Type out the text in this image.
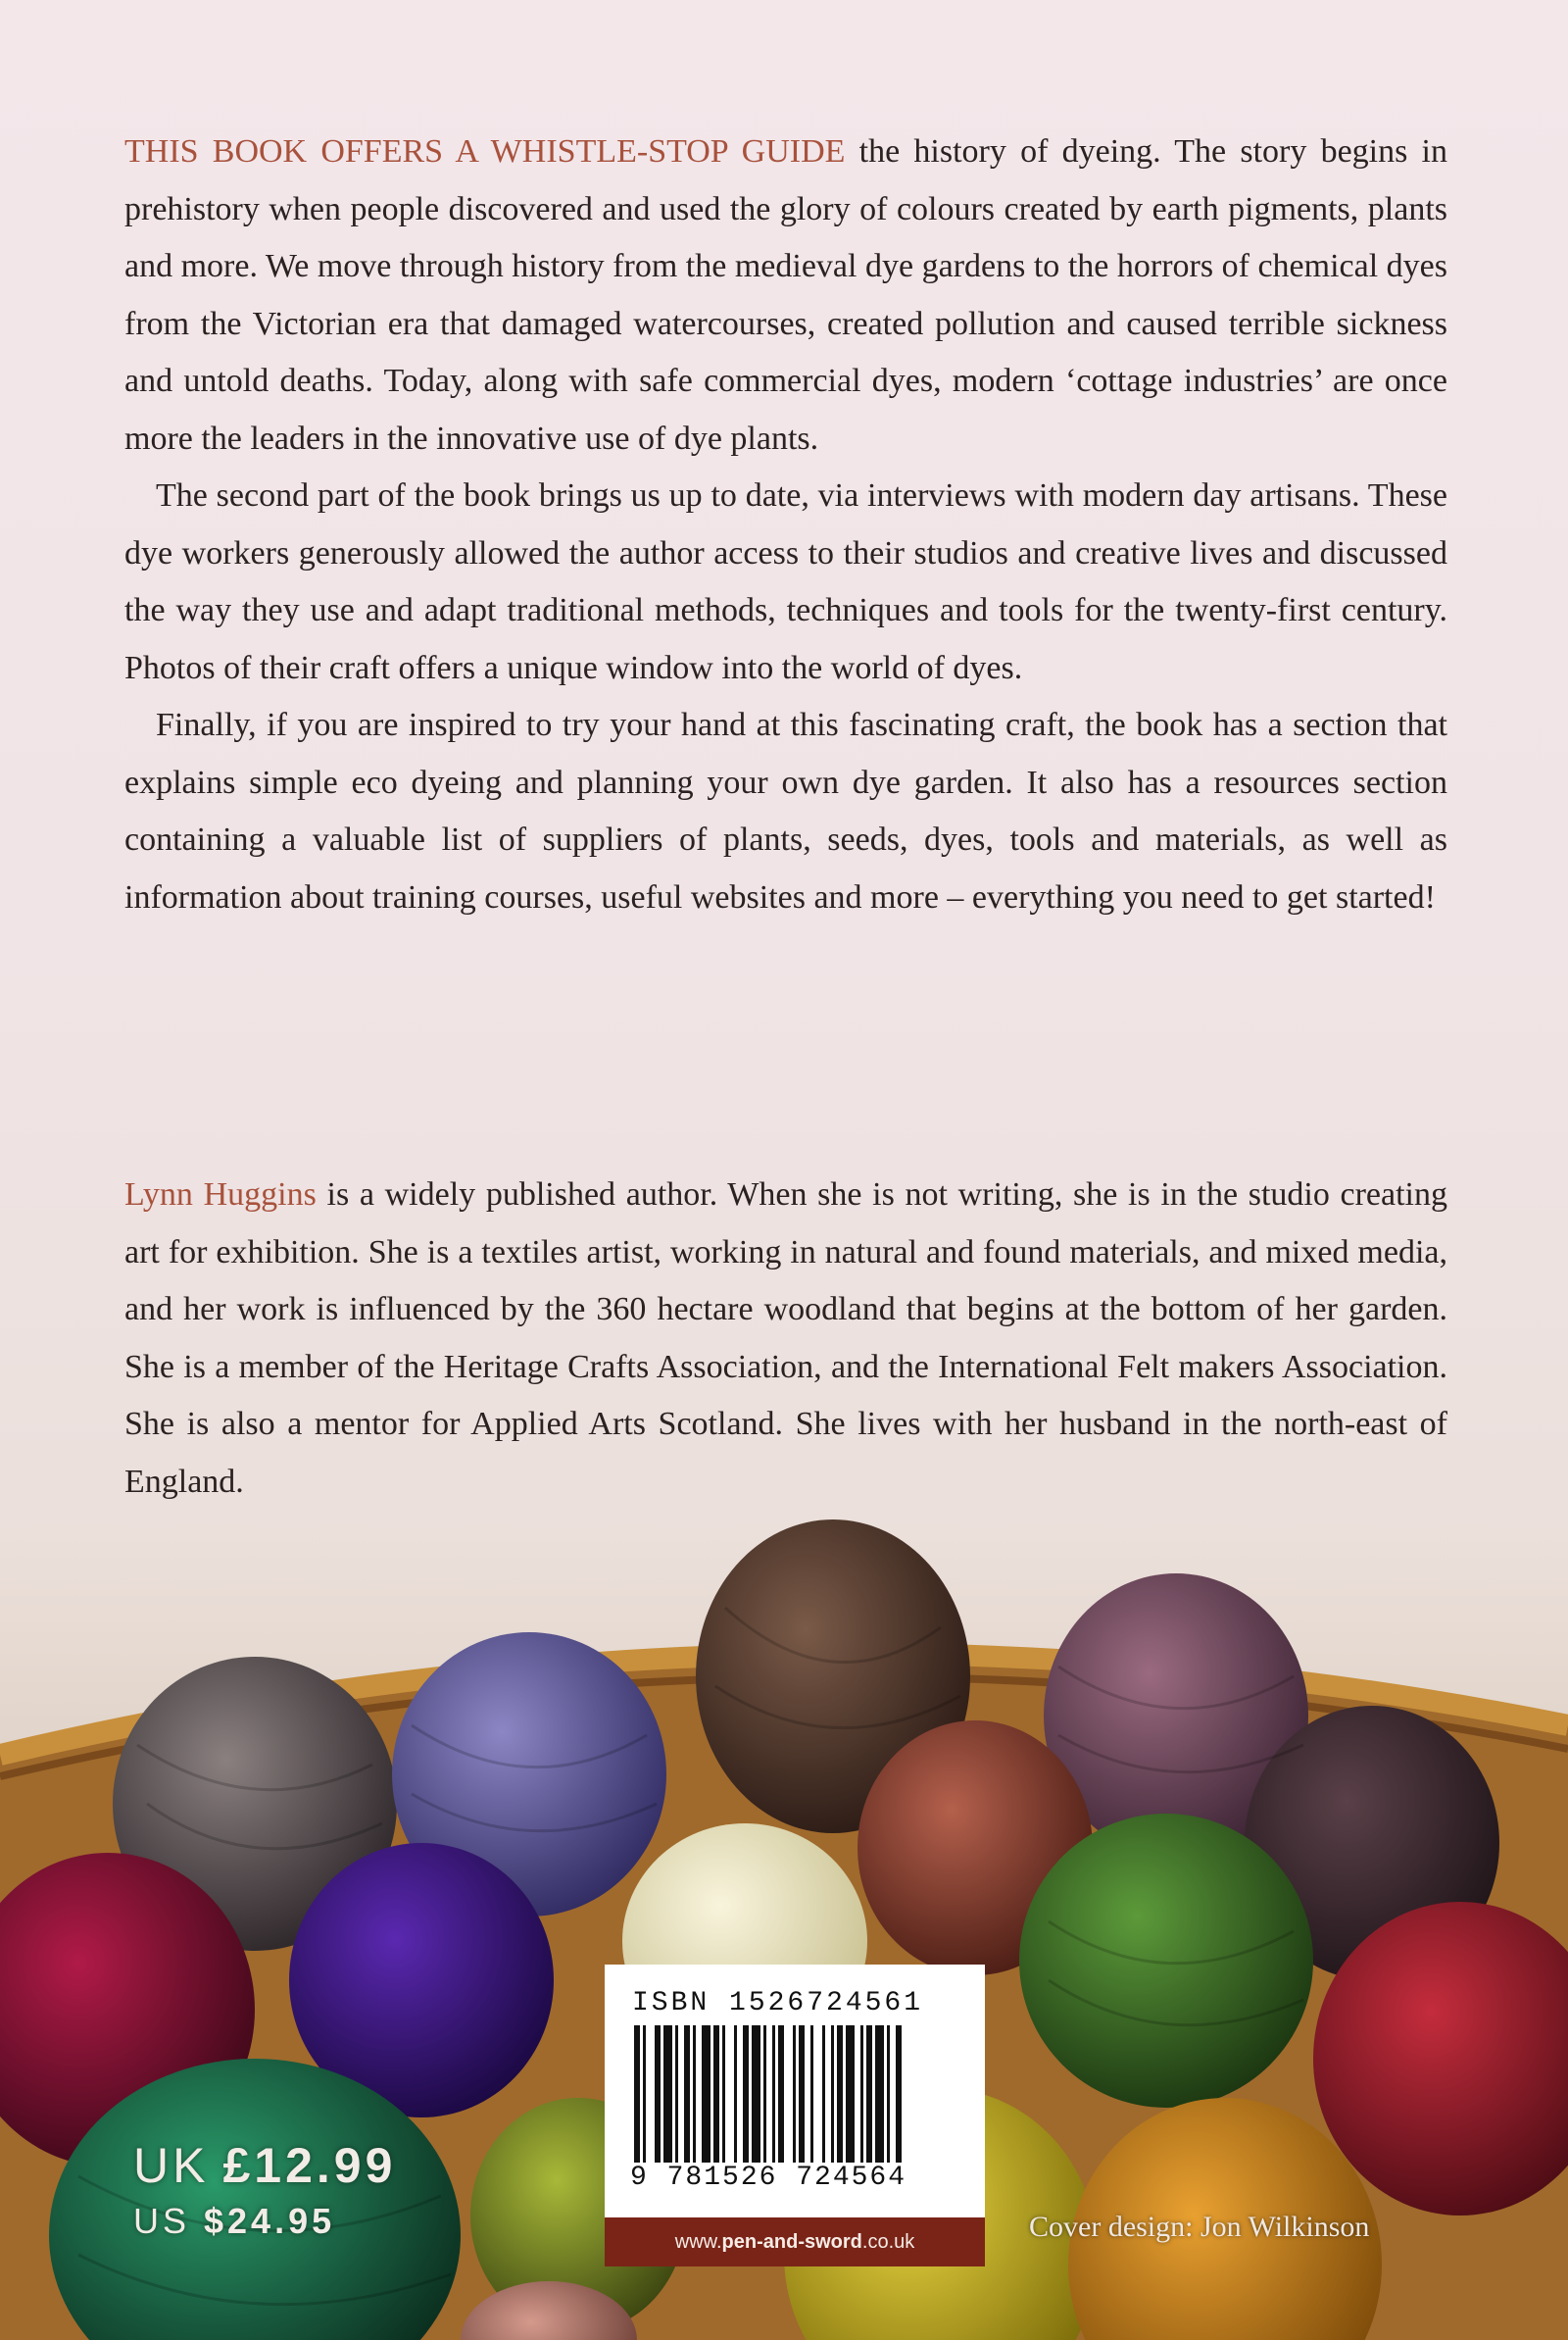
THIS BOOK OFFERS A WHISTLE-STOP GUIDE the history of dyeing. The story begins in prehistory when people discovered and used the glory of colours created by earth pigments, plants and more. We move through history from the medieval dye gardens to the horrors of chemical dyes from the Victorian era that damaged watercourses, created pollution and caused terrible sickness and untold deaths. Today, along with safe commercial dyes, modern ‘cottage industries’ are once more the leaders in the innovative use of dye plants.

The second part of the book brings us up to date, via interviews with modern day artisans. These dye workers generously allowed the author access to their studios and creative lives and discussed the way they use and adapt traditional methods, techniques and tools for the twenty-first century. Photos of their craft offers a unique window into the world of dyes.

Finally, if you are inspired to try your hand at this fascinating craft, the book has a section that explains simple eco dyeing and planning your own dye garden. It also has a resources section containing a valuable list of suppliers of plants, seeds, dyes, tools and materials, as well as information about training courses, useful websites and more – everything you need to get started!

Lynn Huggins is a widely published author. When she is not writing, she is in the studio creating art for exhibition. She is a textiles artist, working in natural and found materials, and mixed media, and her work is influenced by the 360 hectare woodland that begins at the bottom of her garden. She is a member of the Heritage Crafts Association, and the International Felt makers Association. She is also a mentor for Applied Arts Scotland. She lives with her husband in the north-east of England.

UK £12.99
US $24.95
ISBN 1526724561
9 781526 724564
www.pen-and-sword.co.uk	Cover design: Jon Wilkinson
